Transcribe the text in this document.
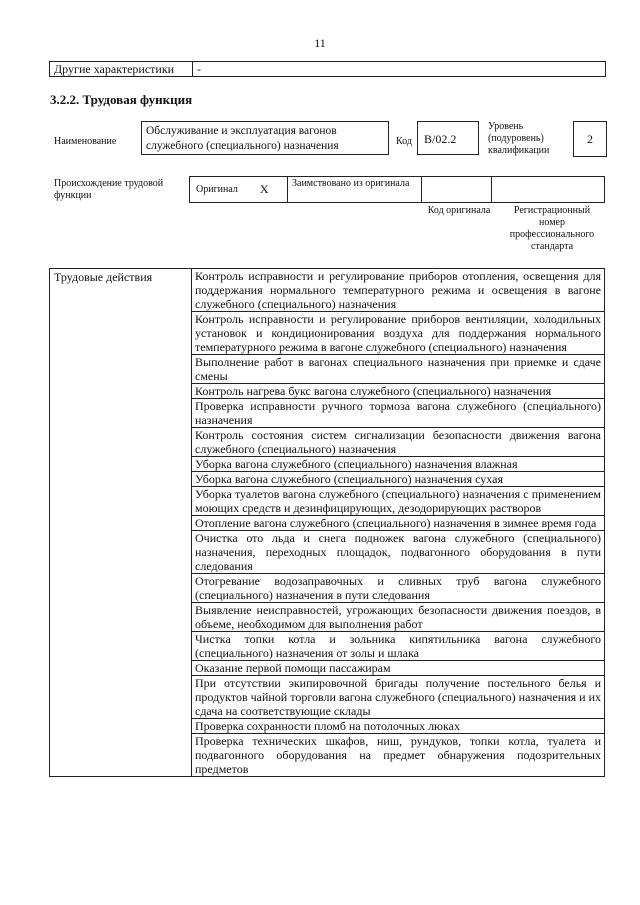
11
Другие характеристики	-
3.2.2. Трудовая функция
Наименование
Обслуживание и эксплуатация вагонов служебного (специального) назначения	Код	B/02.2
Уровень (подуровень) квалификации
2
Происхождение трудовой функции
Оригинал X	Заимствовано из оригинала
Код оригинала	Регистрационный номер профессионального стандарта
Трудовые действия	Контроль исправности и регулирование приборов отопления, освещения для поддержания нормального температурного режима и освещения в вагоне служебного (специального) назначения
Контроль исправности и регулирование приборов вентиляции, холодильных установок и кондиционирования воздуха для поддержания нормального температурного режима в вагоне служебного (специального) назначения
Выполнение работ в вагонах специального назначения при приемке и сдаче смены
Контроль нагрева букс вагона служебного (специального) назначения
Проверка исправности ручного тормоза вагона служебного (специального) назначения
Контроль состояния систем сигнализации безопасности движения вагона служебного (специального) назначения
Уборка вагона служебного (специального) назначения влажная
Уборка вагона служебного (специального) назначения сухая
Уборка туалетов вагона служебного (специального) назначения с применением моющих средств и дезинфицирующих, дезодорирующих растворов
Отопление вагона служебного (специального) назначения в зимнее время года
Очистка ото льда и снега подножек вагона служебного (специального) назначения, переходных площадок, подвагонного оборудования в пути следования
Отогревание водозаправочных и сливных труб вагона служебного (специального) назначения в пути следования
Выявление неисправностей, угрожающих безопасности движения поездов, в объеме, необходимом для выполнения работ
Чистка топки котла и зольника кипятильника вагона служебного (специального) назначения от золы и шлака
Оказание первой помощи пассажирам
При отсутствии экипировочной бригады получение постельного белья и продуктов чайной торговли вагона служебного (специального) назначения и их сдача на соответствующие склады
Проверка сохранности пломб на потолочных люках
Проверка технических шкафов, ниш, рундуков, топки котла, туалета и подвагонного оборудования на предмет обнаружения подозрительных предметов
